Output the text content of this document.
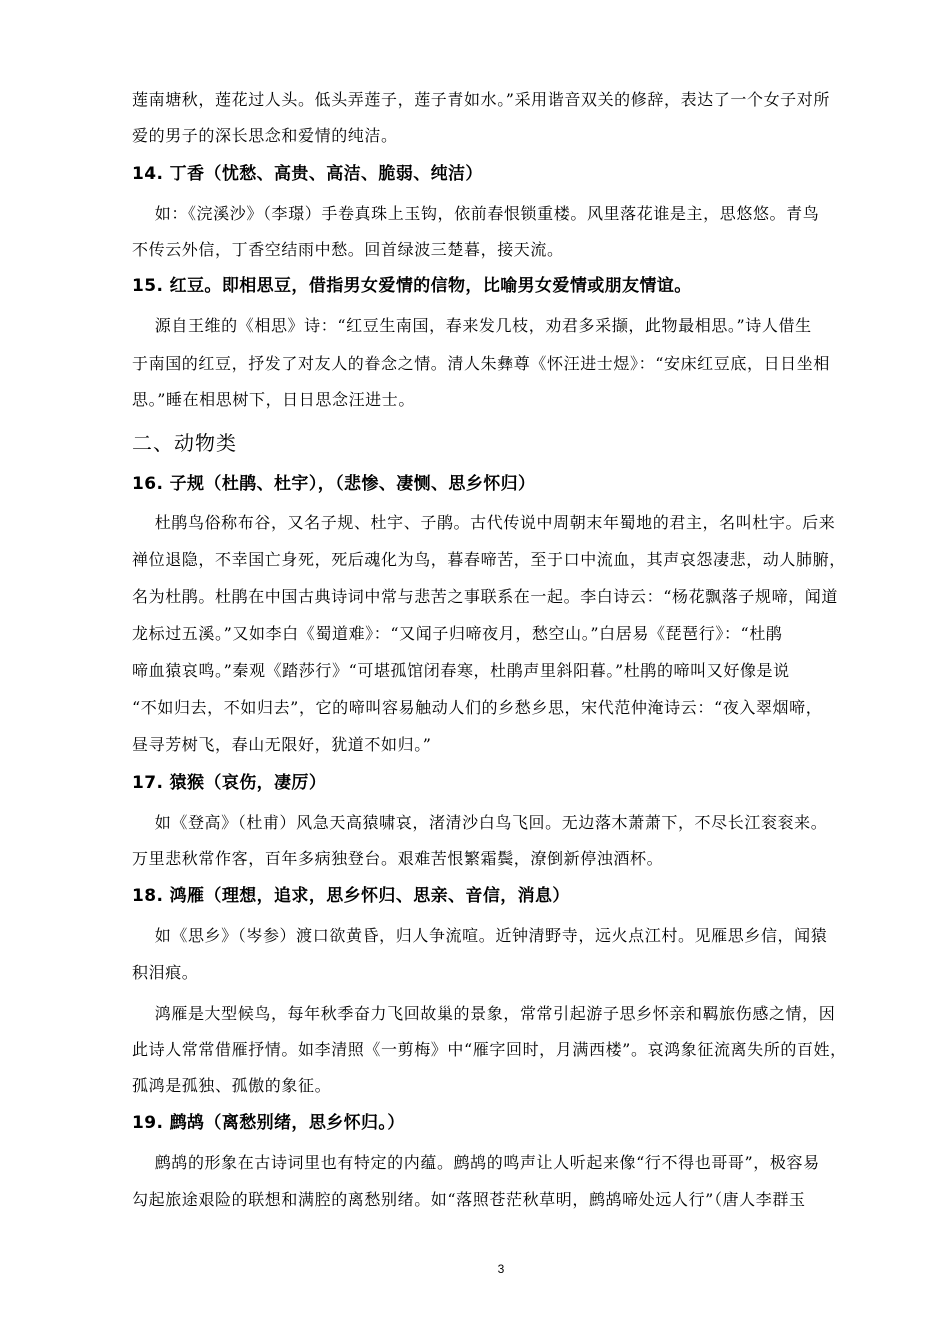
莲南塘秋，莲花过人头。低头弄莲子，莲子青如水。”采用谐音双关的修辞，表达了一个女子对所
爱的男子的深长思念和爱情的纯洁。
14. 丁香（忧愁、高贵、高洁、脆弱、纯洁）
如：《浣溪沙》（李璟）手卷真珠上玉钩，依前春恨锁重楼。风里落花谁是主，思悠悠。青鸟
不传云外信，丁香空结雨中愁。回首绿波三楚暮，接天流。
15. 红豆。即相思豆，借指男女爱情的信物，比喻男女爱情或朋友情谊。
源自王维的《相思》诗：“红豆生南国，春来发几枝，劝君多采撷，此物最相思。”诗人借生
于南国的红豆，抒发了对友人的眷念之情。清人朱彝尊《怀汪进士煜》：“安床红豆底，日日坐相
思。”睡在相思树下，日日思念汪进士。
二、动物类
16. 子规（杜鹃、杜宇），（悲惨、凄恻、思乡怀归）
杜鹃鸟俗称布谷，又名子规、杜宇、子鹃。古代传说中周朝末年蜀地的君主，名叫杜宇。后来
禅位退隐，不幸国亡身死，死后魂化为鸟，暮春啼苦，至于口中流血，其声哀怨凄悲，动人肺腑，
名为杜鹃。杜鹃在中国古典诗词中常与悲苦之事联系在一起。李白诗云：“杨花飘落子规啼，闻道
龙标过五溪。”又如李白《蜀道难》：“又闻子归啼夜月，愁空山。”白居易《琵琶行》：“杜鹃
啼血猿哀鸣。”秦观《踏莎行》“可堪孤馆闭春寒，杜鹃声里斜阳暮。”杜鹃的啼叫又好像是说
“不如归去，不如归去”，它的啼叫容易触动人们的乡愁乡思，宋代范仲淹诗云：“夜入翠烟啼，
昼寻芳树飞，春山无限好，犹道不如归。”
17. 猿猴（哀伤，凄厉）
如《登高》（杜甫）风急天高猿啸哀，渚清沙白鸟飞回。无边落木萧萧下，不尽长江衮衮来。
万里悲秋常作客，百年多病独登台。艰难苦恨繁霜鬓，潦倒新停浊酒杯。
18. 鸿雁（理想，追求，思乡怀归、思亲、音信，消息）
如《思乡》（岑参）渡口欲黄昏，归人争流喧。近钟清野寺，远火点江村。见雁思乡信，闻猿
积泪痕。
鸿雁是大型候鸟，每年秋季奋力飞回故巢的景象，常常引起游子思乡怀亲和羁旅伤感之情，因
此诗人常常借雁抒情。如李清照《一剪梅》中“雁字回时，月满西楼”。哀鸿象征流离失所的百姓，
孤鸿是孤独、孤傲的象征。
19. 鹧鸪（离愁别绪，思乡怀归。）
鹧鸪的形象在古诗词里也有特定的内蕴。鹧鸪的鸣声让人听起来像“行不得也哥哥”，极容易
勾起旅途艰险的联想和满腔的离愁别绪。如“落照苍茫秋草明，鹧鸪啼处远人行”（唐人李群玉
3
